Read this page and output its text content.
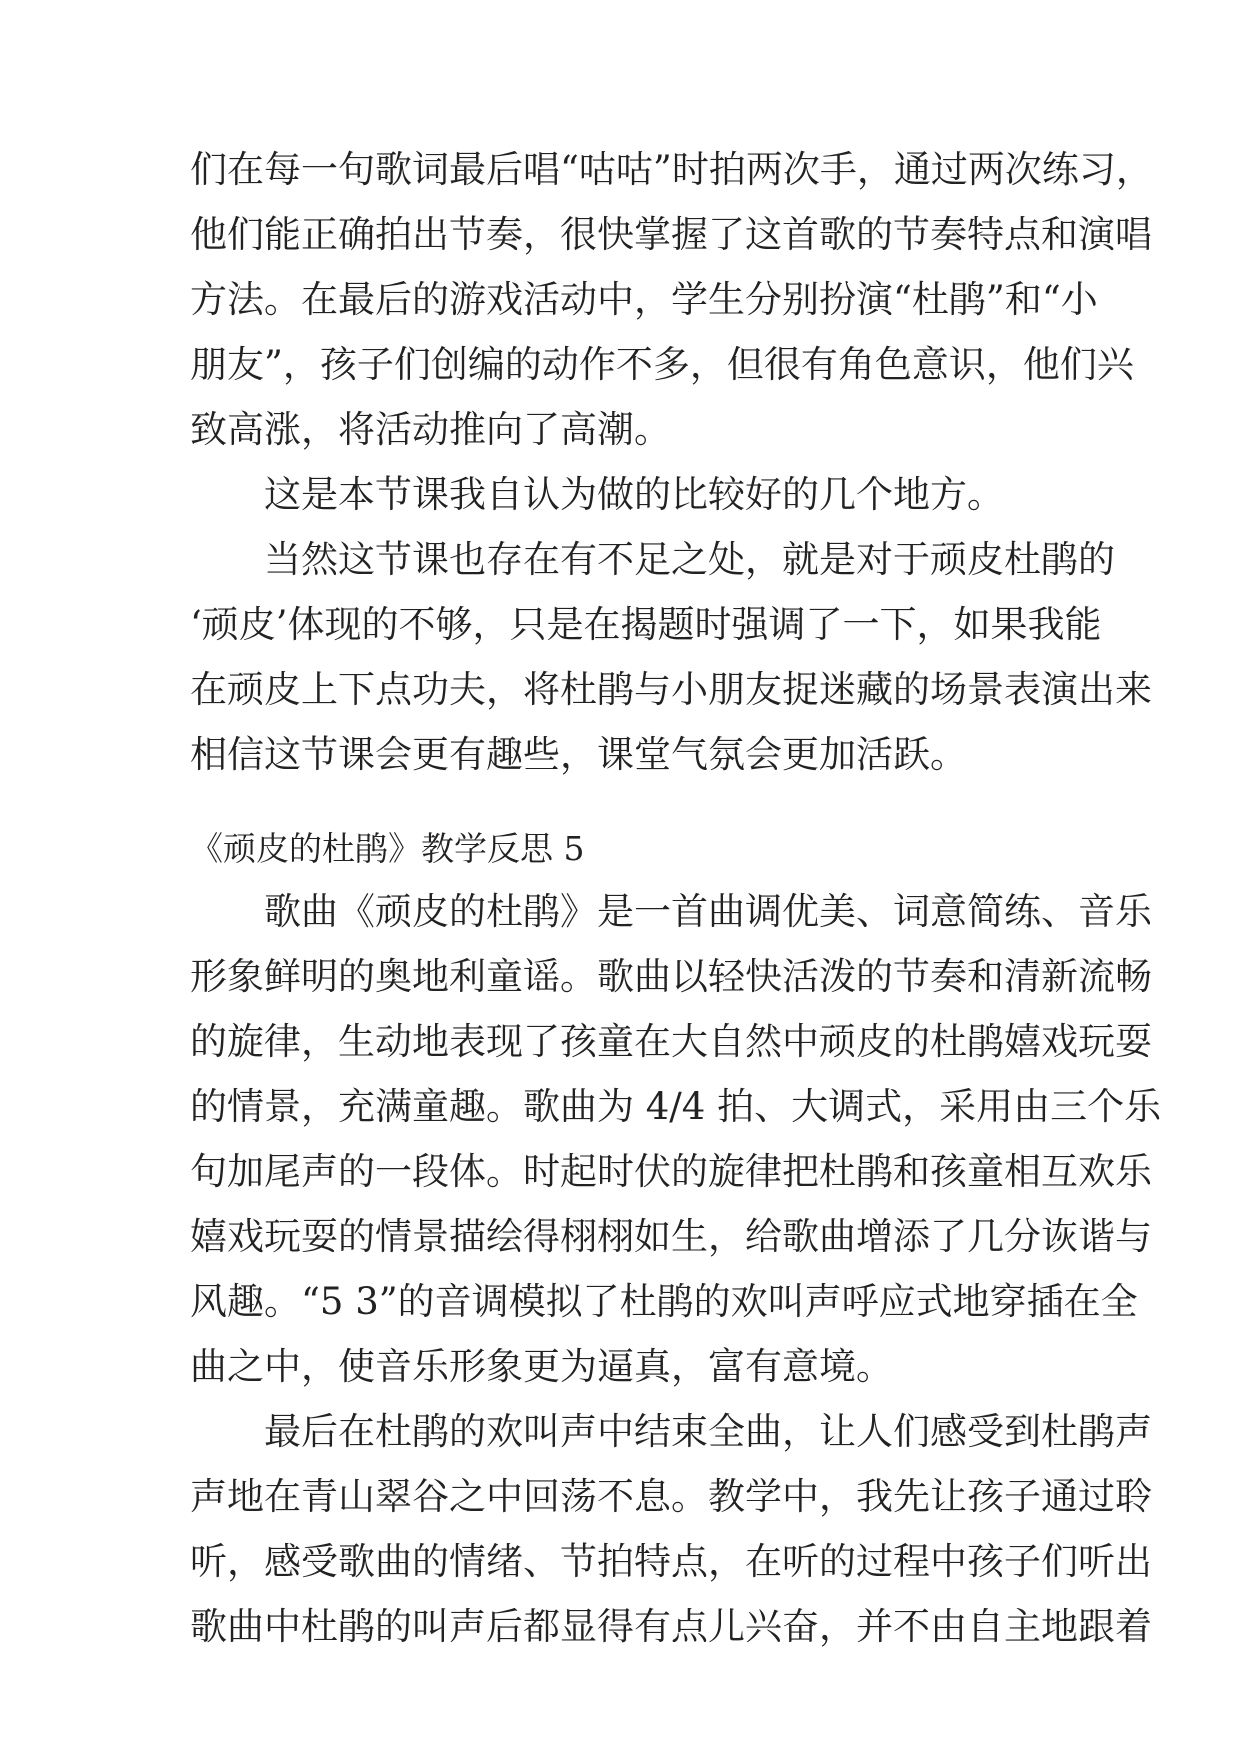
们在每一句歌词最后唱“咕咕”时拍两次手，通过两次练习，
他们能正确拍出节奏，很快掌握了这首歌的节奏特点和演唱
方法。在最后的游戏活动中，学生分别扮演“杜鹃”和“小
朋友”，孩子们创编的动作不多，但很有角色意识，他们兴
致高涨，将活动推向了高潮。
　　这是本节课我自认为做的比较好的几个地方。
　　当然这节课也存在有不足之处，就是对于顽皮杜鹃的
‘顽皮’体现的不够，只是在揭题时强调了一下，如果我能
在顽皮上下点功夫，将杜鹃与小朋友捉迷藏的场景表演出来
相信这节课会更有趣些，课堂气氛会更加活跃。
《顽皮的杜鹃》教学反思 5
　　歌曲《顽皮的杜鹃》是一首曲调优美、词意简练、音乐
形象鲜明的奥地利童谣。歌曲以轻快活泼的节奏和清新流畅
的旋律，生动地表现了孩童在大自然中顽皮的杜鹃嬉戏玩耍
的情景，充满童趣。歌曲为 4/4 拍、大调式，采用由三个乐
句加尾声的一段体。时起时伏的旋律把杜鹃和孩童相互欢乐
嬉戏玩耍的情景描绘得栩栩如生，给歌曲增添了几分诙谐与
风趣。“5 3”的音调模拟了杜鹃的欢叫声呼应式地穿插在全
曲之中，使音乐形象更为逼真，富有意境。
　　最后在杜鹃的欢叫声中结束全曲，让人们感受到杜鹃声
声地在青山翠谷之中回荡不息。教学中，我先让孩子通过聆
听，感受歌曲的情绪、节拍特点，在听的过程中孩子们听出
歌曲中杜鹃的叫声后都显得有点儿兴奋，并不由自主地跟着
